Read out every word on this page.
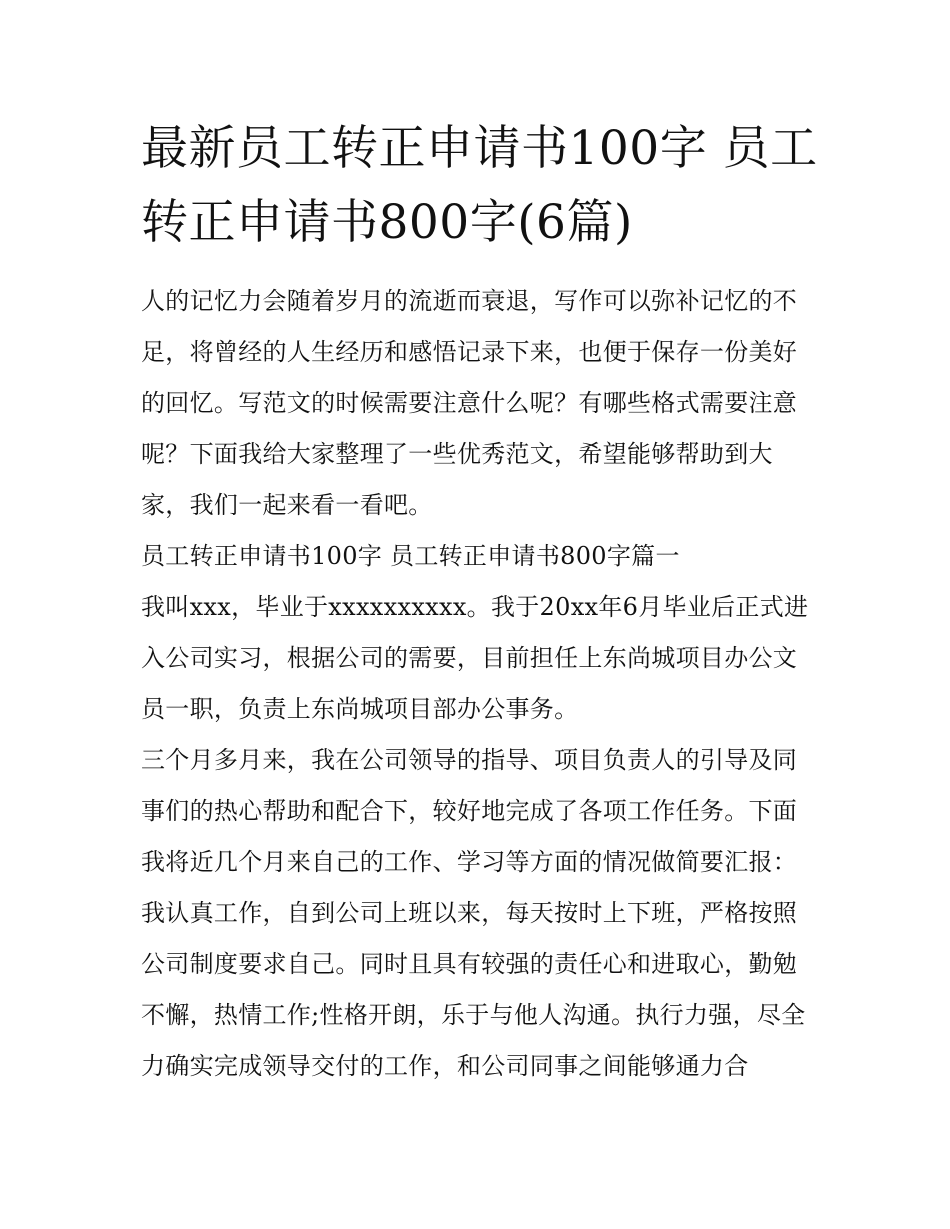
最新员工转正申请书100字 员工转正申请书800字(6篇)

人的记忆力会随着岁月的流逝而衰退，写作可以弥补记忆的不足，将曾经的人生经历和感悟记录下来，也便于保存一份美好的回忆。写范文的时候需要注意什么呢？有哪些格式需要注意呢？下面我给大家整理了一些优秀范文，希望能够帮助到大家，我们一起来看一看吧。

员工转正申请书100字 员工转正申请书800字篇一

我叫xxx，毕业于xxxxxxxxxx。我于20xx年6月毕业后正式进入公司实习，根据公司的需要，目前担任上东尚城项目办公文员一职，负责上东尚城项目部办公事务。

三个月多月来，我在公司领导的指导、项目负责人的引导及同事们的热心帮助和配合下，较好地完成了各项工作任务。下面我将近几个月来自己的工作、学习等方面的情况做简要汇报：

我认真工作，自到公司上班以来，每天按时上下班，严格按照公司制度要求自己。同时且具有较强的责任心和进取心，勤勉不懈，热情工作;性格开朗，乐于与他人沟通。执行力强，尽全力确实完成领导交付的工作，和公司同事之间能够通力合
